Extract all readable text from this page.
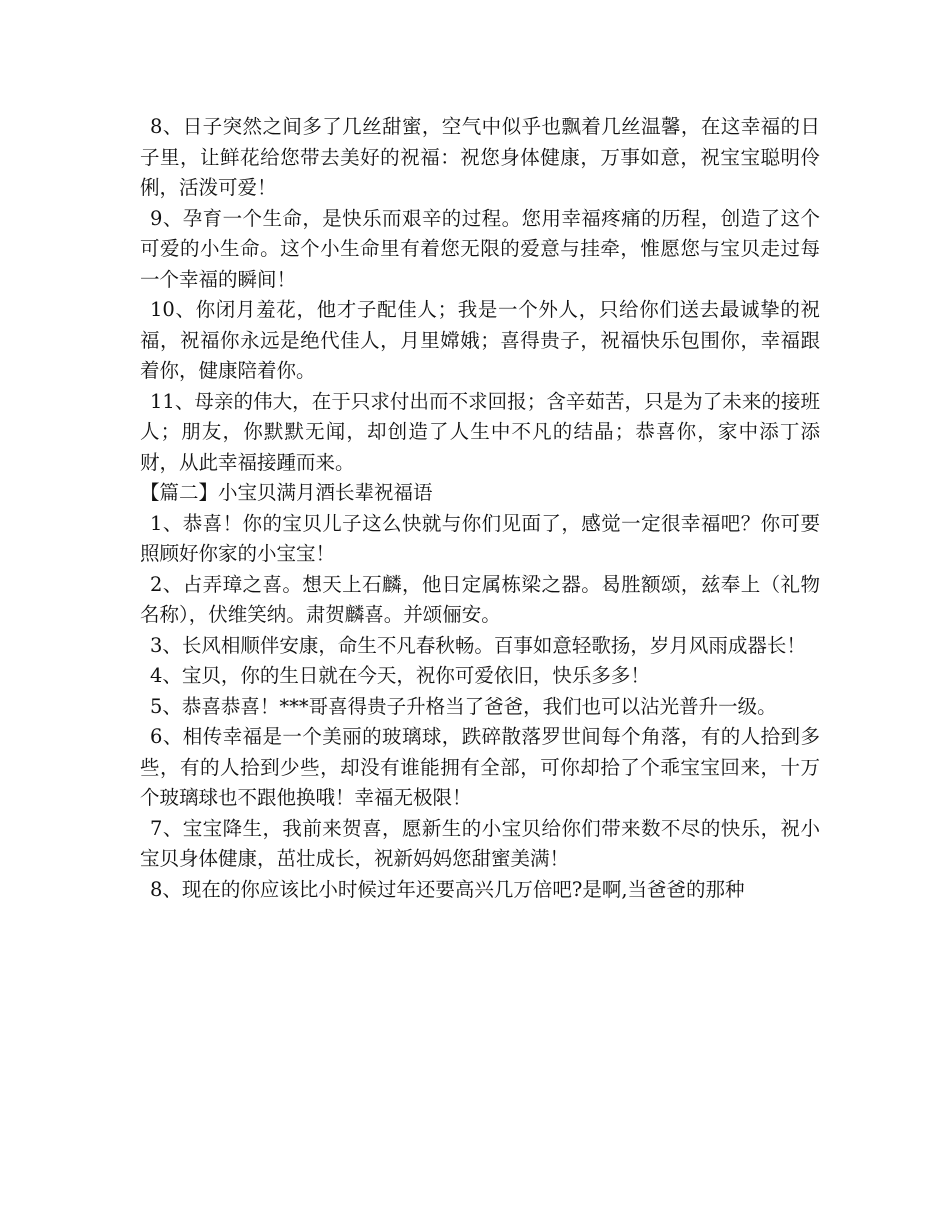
8、日子突然之间多了几丝甜蜜，空气中似乎也飘着几丝温馨，在这幸福的日子里，让鲜花给您带去美好的祝福：祝您身体健康，万事如意，祝宝宝聪明伶俐，活泼可爱！

9、孕育一个生命，是快乐而艰辛的过程。您用幸福疼痛的历程，创造了这个可爱的小生命。这个小生命里有着您无限的爱意与挂牵，惟愿您与宝贝走过每一个幸福的瞬间！

10、你闭月羞花，他才子配佳人；我是一个外人，只给你们送去最诚挚的祝福，祝福你永远是绝代佳人，月里嫦娥；喜得贵子，祝福快乐包围你，幸福跟着你，健康陪着你。

11、母亲的伟大，在于只求付出而不求回报；含辛茹苦，只是为了未来的接班人；朋友，你默默无闻，却创造了人生中不凡的结晶；恭喜你，家中添丁添财，从此幸福接踵而来。

【篇二】小宝贝满月酒长辈祝福语

1、恭喜！你的宝贝儿子这么快就与你们见面了，感觉一定很幸福吧？你可要照顾好你家的小宝宝！

2、占弄璋之喜。想天上石麟，他日定属栋梁之器。曷胜额颂，兹奉上（礼物名称），伏维笑纳。肃贺麟喜。并颂俪安。

3、长风相顺伴安康，命生不凡春秋畅。百事如意轻歌扬，岁月风雨成器长！

4、宝贝，你的生日就在今天，祝你可爱依旧，快乐多多！

5、恭喜恭喜！***哥喜得贵子升格当了爸爸，我们也可以沾光普升一级。

6、相传幸福是一个美丽的玻璃球，跌碎散落罗世间每个角落，有的人拾到多些，有的人拾到少些，却没有谁能拥有全部，可你却拾了个乖宝宝回来，十万个玻璃球也不跟他换哦！幸福无极限！

7、宝宝降生，我前来贺喜，愿新生的小宝贝给你们带来数不尽的快乐，祝小宝贝身体健康，茁壮成长，祝新妈妈您甜蜜美满！

8、现在的你应该比小时候过年还要高兴几万倍吧?是啊,当爸爸的那种
